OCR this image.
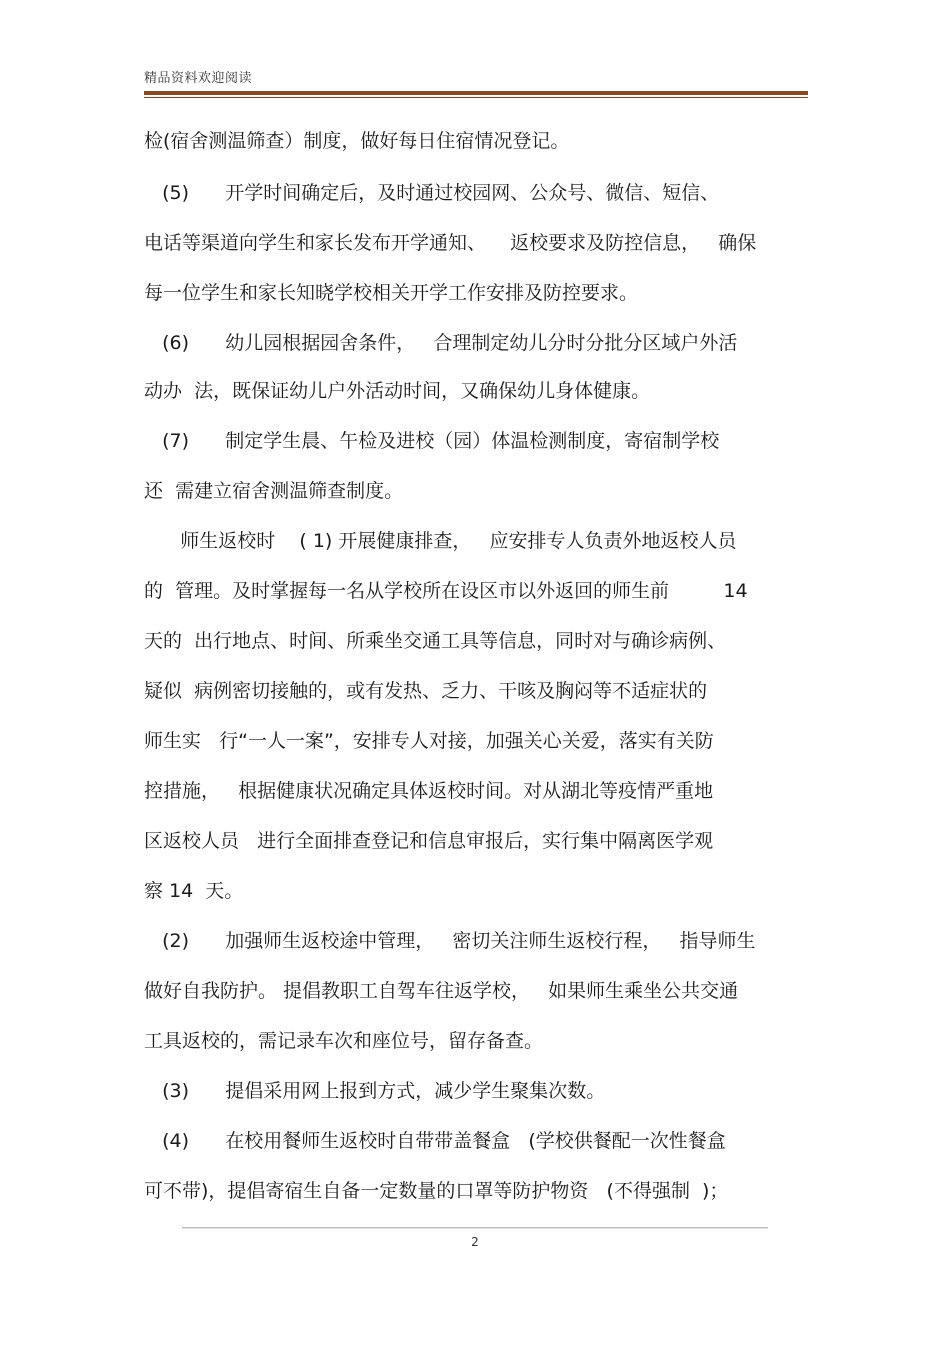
精品资料欢迎阅读
检(宿舍测温筛查）制度，做好每日住宿情况登记。
(5)      开学时间确定后，及时通过校园网、公众号、微信、短信、
电话等渠道向学生和家长发布开学通知、    返校要求及防控信息，   确保
每一位学生和家长知晓学校相关开学工作安排及防控要求。
(6)      幼儿园根据园舍条件，   合理制定幼儿分时分批分区域户外活
动办  法，既保证幼儿户外活动时间，又确保幼儿身体健康。
(7)      制定学生晨、午检及进校（园）体温检测制度，寄宿制学校
还  需建立宿舍测温筛查制度。
师生返校时    ( 1) 开展健康排查，   应安排专人负责外地返校人员
的  管理。及时掌握每一名从学校所在设区市以外返回的师生前         14
天的  出行地点、时间、所乘坐交通工具等信息，同时对与确诊病例、
疑似  病例密切接触的，或有发热、乏力、干咳及胸闷等不适症状的
师生实   行“一人一案”，安排专人对接，加强关心关爱，落实有关防
控措施，   根据健康状况确定具体返校时间。对从湖北等疫情严重地
区返校人员   进行全面排查登记和信息审报后，实行集中隔离医学观
察 14  天。
(2)      加强师生返校途中管理，   密切关注师生返校行程，   指导师生
做好自我防护。 提倡教职工自驾车往返学校，   如果师生乘坐公共交通
工具返校的，需记录车次和座位号，留存备查。
(3)      提倡采用网上报到方式，减少学生聚集次数。
(4)      在校用餐师生返校时自带带盖餐盒   (学校供餐配一次性餐盒
可不带)，提倡寄宿生自备一定数量的口罩等防护物资   (不得强制  )；
2
